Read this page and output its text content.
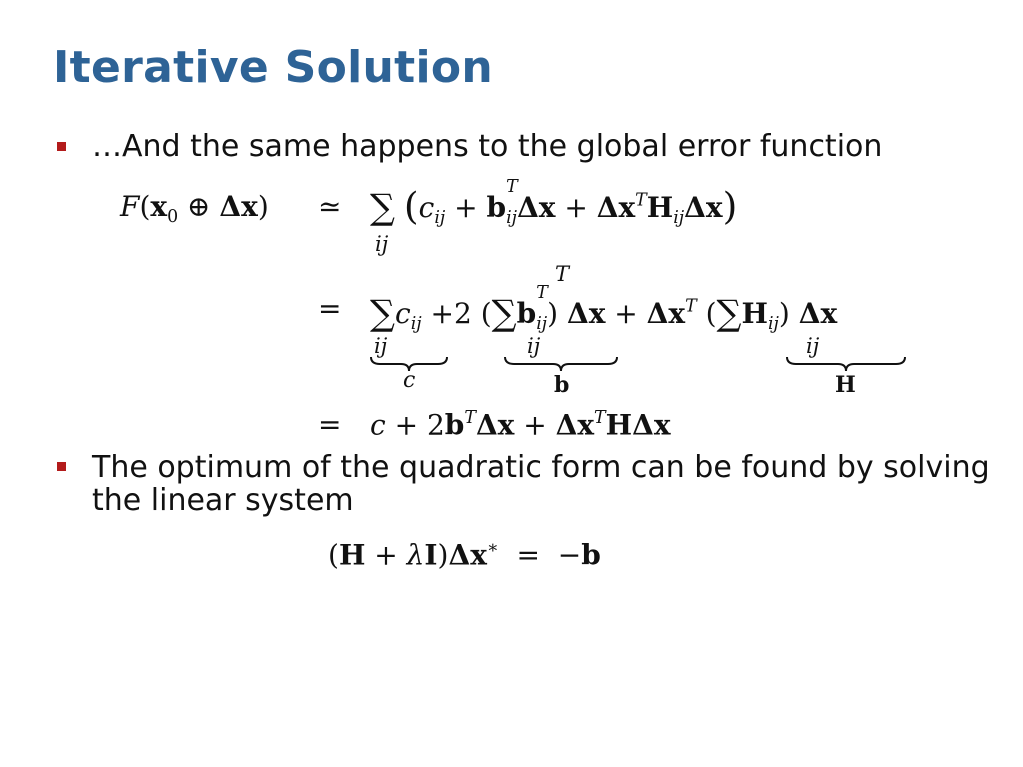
Iterative Solution
…And the same happens to the global error function
$F(x_0$ ⊕ Δx) ≃ ∑ ($c_{ij} + b$
T
$_{ij}\Delta x + \Delta x^TH_{ij}\Delta x$)
ij
=
T
$\sum c_{ij} +2$ (∑b
T
$_{ij}$) $\Delta x + \Delta x^T$ $(\sum H_{ij})$ Δx
ij	ij	ij
c	b	H
= $c + 2b^T\Delta x + \Delta x^TH\Delta x$
The optimum of the quadratic form can be found by solving the linear system
(H + λI)Δx∗  =  −b
